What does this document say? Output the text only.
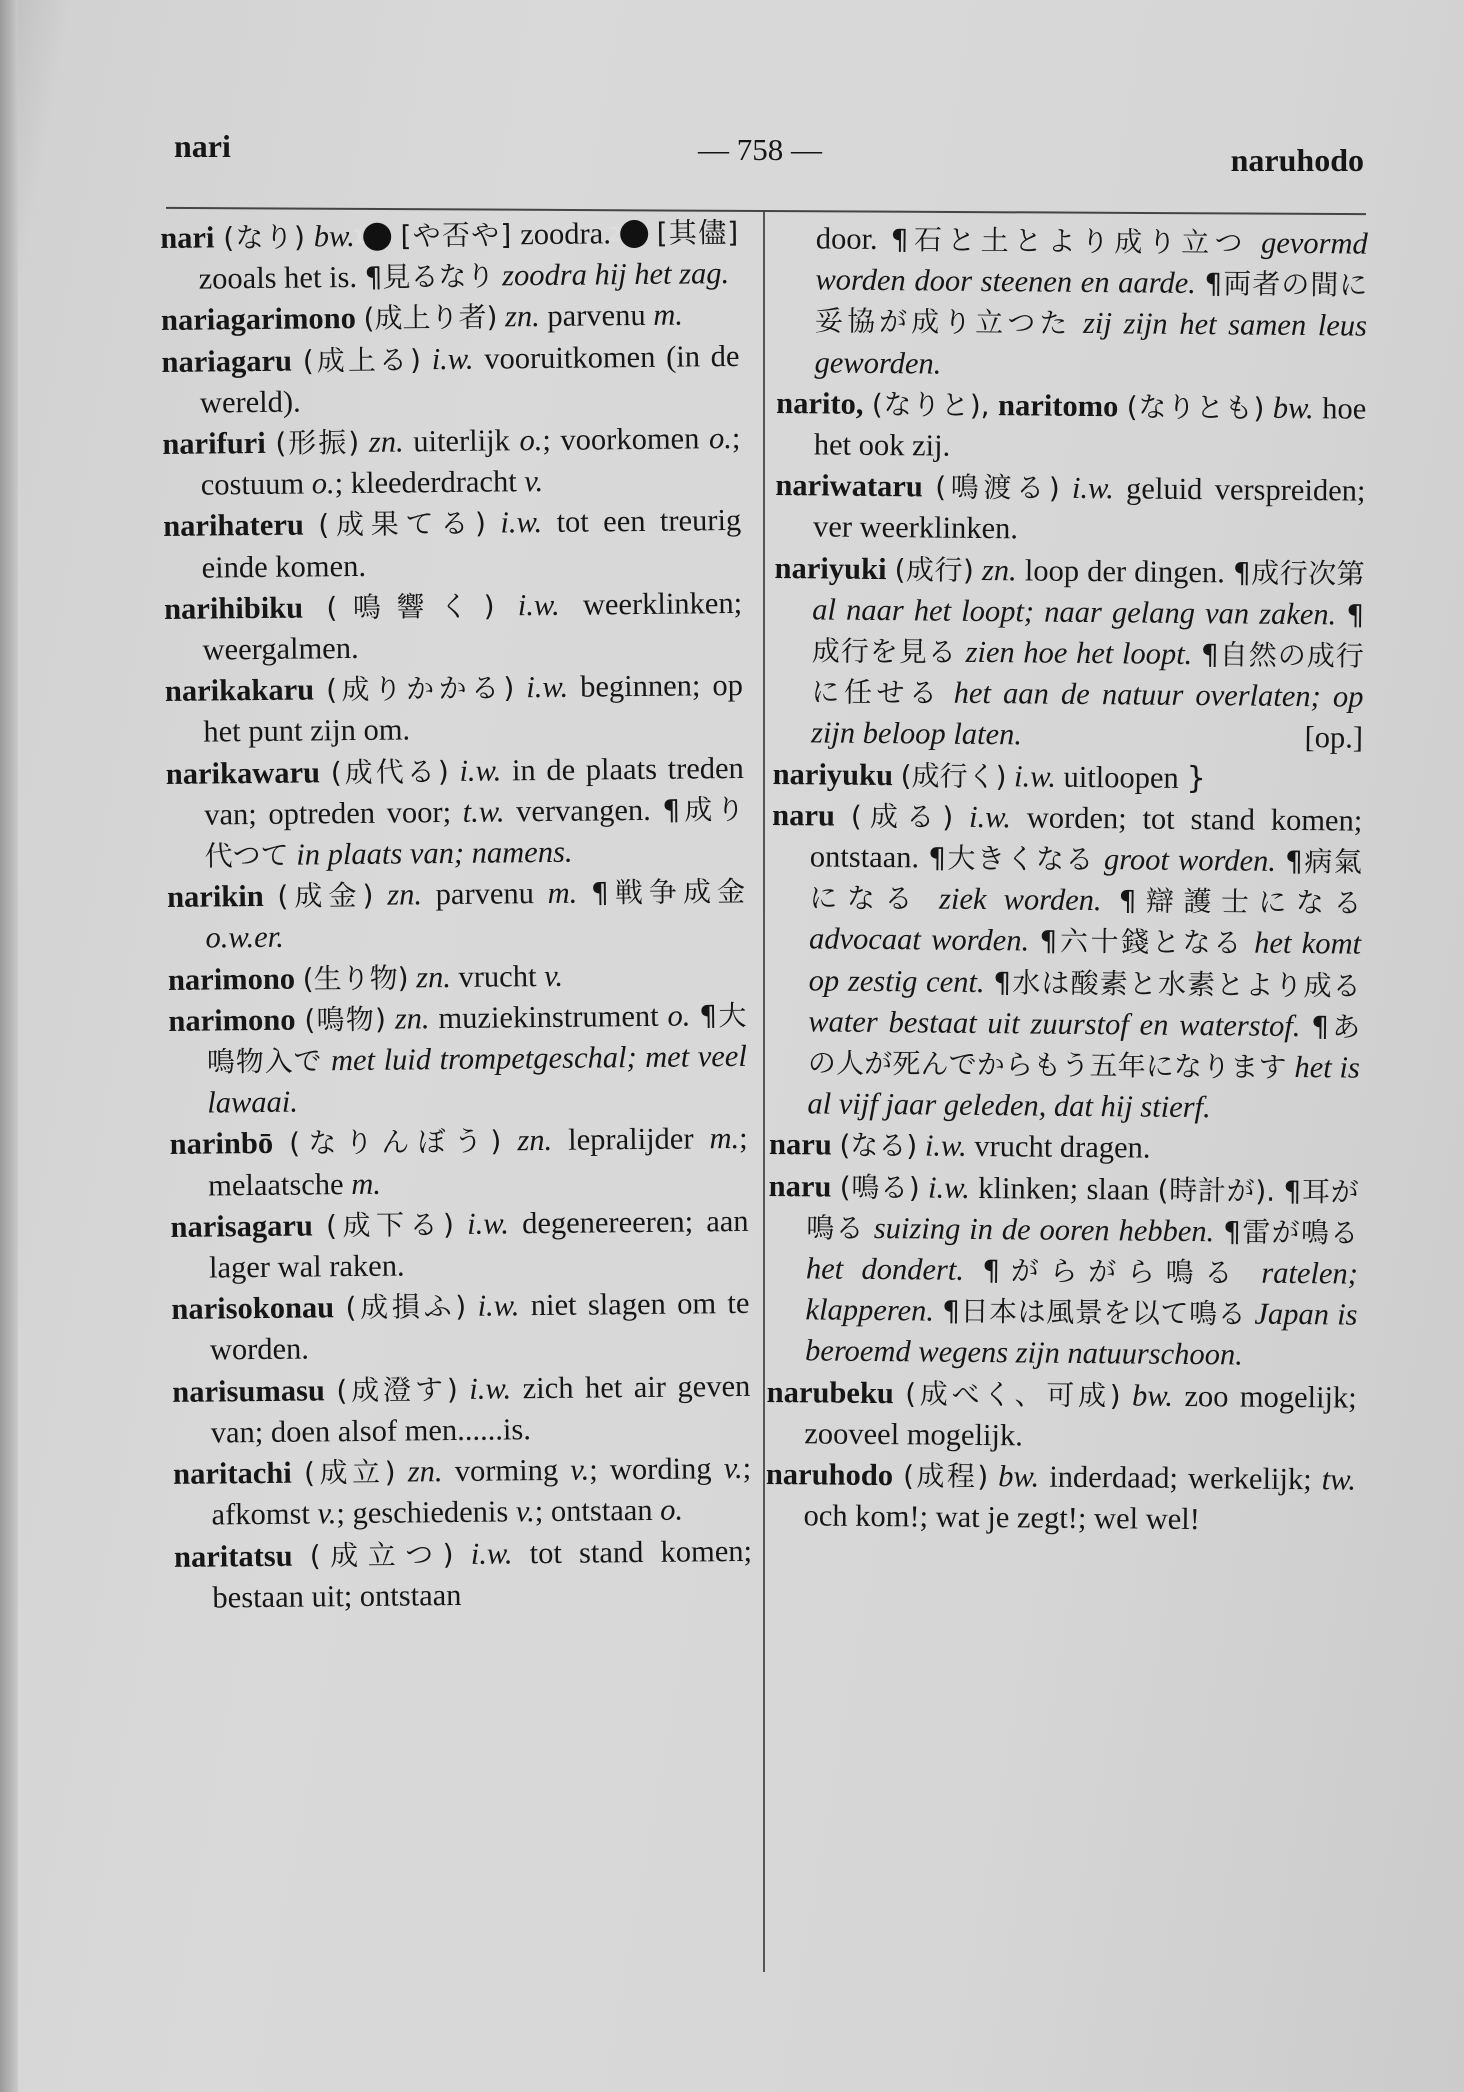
nari	— 758 —	naruhodo

nari (なり) bw. 1 [や否や] zoodra. 2 [其儘] zooals het is. ¶見るなり zoodra hij het zag.

nariagarimono (成上り者) zn. parvenu m.

nariagaru (成上る) i.w. vooruitkomen (in de wereld).

narifuri (形振) zn. uiterlijk o.; voorkomen o.; costuum o.; kleederdracht v.

narihateru (成果てる) i.w. tot een treurig einde komen.

narihibiku (鳴響く) i.w. weerklinken; weergalmen.

narikakaru (成りかかる) i.w. beginnen; op het punt zijn om.

narikawaru (成代る) i.w. in de plaats treden van; optreden voor; t.w. vervangen. ¶成り代つて in plaats van; namens.

narikin (成金) zn. parvenu m. ¶戦争成金 o.w.er.

narimono (生り物) zn. vrucht v.

narimono (鳴物) zn. muziekinstrument o. ¶大鳴物入で met luid trompetgeschal; met veel lawaai.

narinbō (なりんぼう) zn. lepralijder m.; melaatsche m.

narisagaru (成下る) i.w. degenereeren; aan lager wal raken.

narisokonau (成損ふ) i.w. niet slagen om te worden.

narisumasu (成澄す) i.w. zich het air geven van; doen alsof men......is.

naritachi (成立) zn. vorming v.; wording v.; afkomst v.; geschiedenis v.; ontstaan o.

naritatsu (成立つ) i.w. tot stand komen; bestaan uit; ontstaan

door. ¶石と土とより成り立つ gevormd worden door steenen en aarde. ¶両者の間に妥協が成り立つた zij zijn het samen leus geworden.

narito, (なりと), naritomo (なりとも) bw. hoe het ook zij.

nariwataru (鳴渡る) i.w. geluid verspreiden; ver weerklinken.

nariyuki (成行) zn. loop der dingen. ¶成行次第 al naar het loopt; naar gelang van zaken. ¶成行を見る zien hoe het loopt. ¶自然の成行に任せる het aan de natuur overlaten; op zijn beloop laten.	[op.]

nariyuku (成行く) i.w. uitloopen }

naru (成る) i.w. worden; tot stand komen; ontstaan. ¶大きくなる groot worden. ¶病氣になる ziek worden. ¶辯護士になる advocaat worden. ¶六十錢となる het komt op zestig cent. ¶水は酸素と水素とより成る water bestaat uit zuurstof en waterstof. ¶あの人が死んでからもう五年になります het is al vijf jaar geleden, dat hij stierf.

naru (なる) i.w. vrucht dragen.

naru (鳴る) i.w. klinken; slaan (時計が). ¶耳が鳴る suizing in de ooren hebben. ¶雷が鳴る het dondert. ¶がらがら鳴る ratelen; klapperen. ¶日本は風景を以て鳴る Japan is beroemd wegens zijn natuurschoon.

narubeku (成べく、可成) bw. zoo mogelijk; zooveel mogelijk.

naruhodo (成程) bw. inderdaad; werkelijk; tw. och kom!; wat je zegt!; wel wel!
